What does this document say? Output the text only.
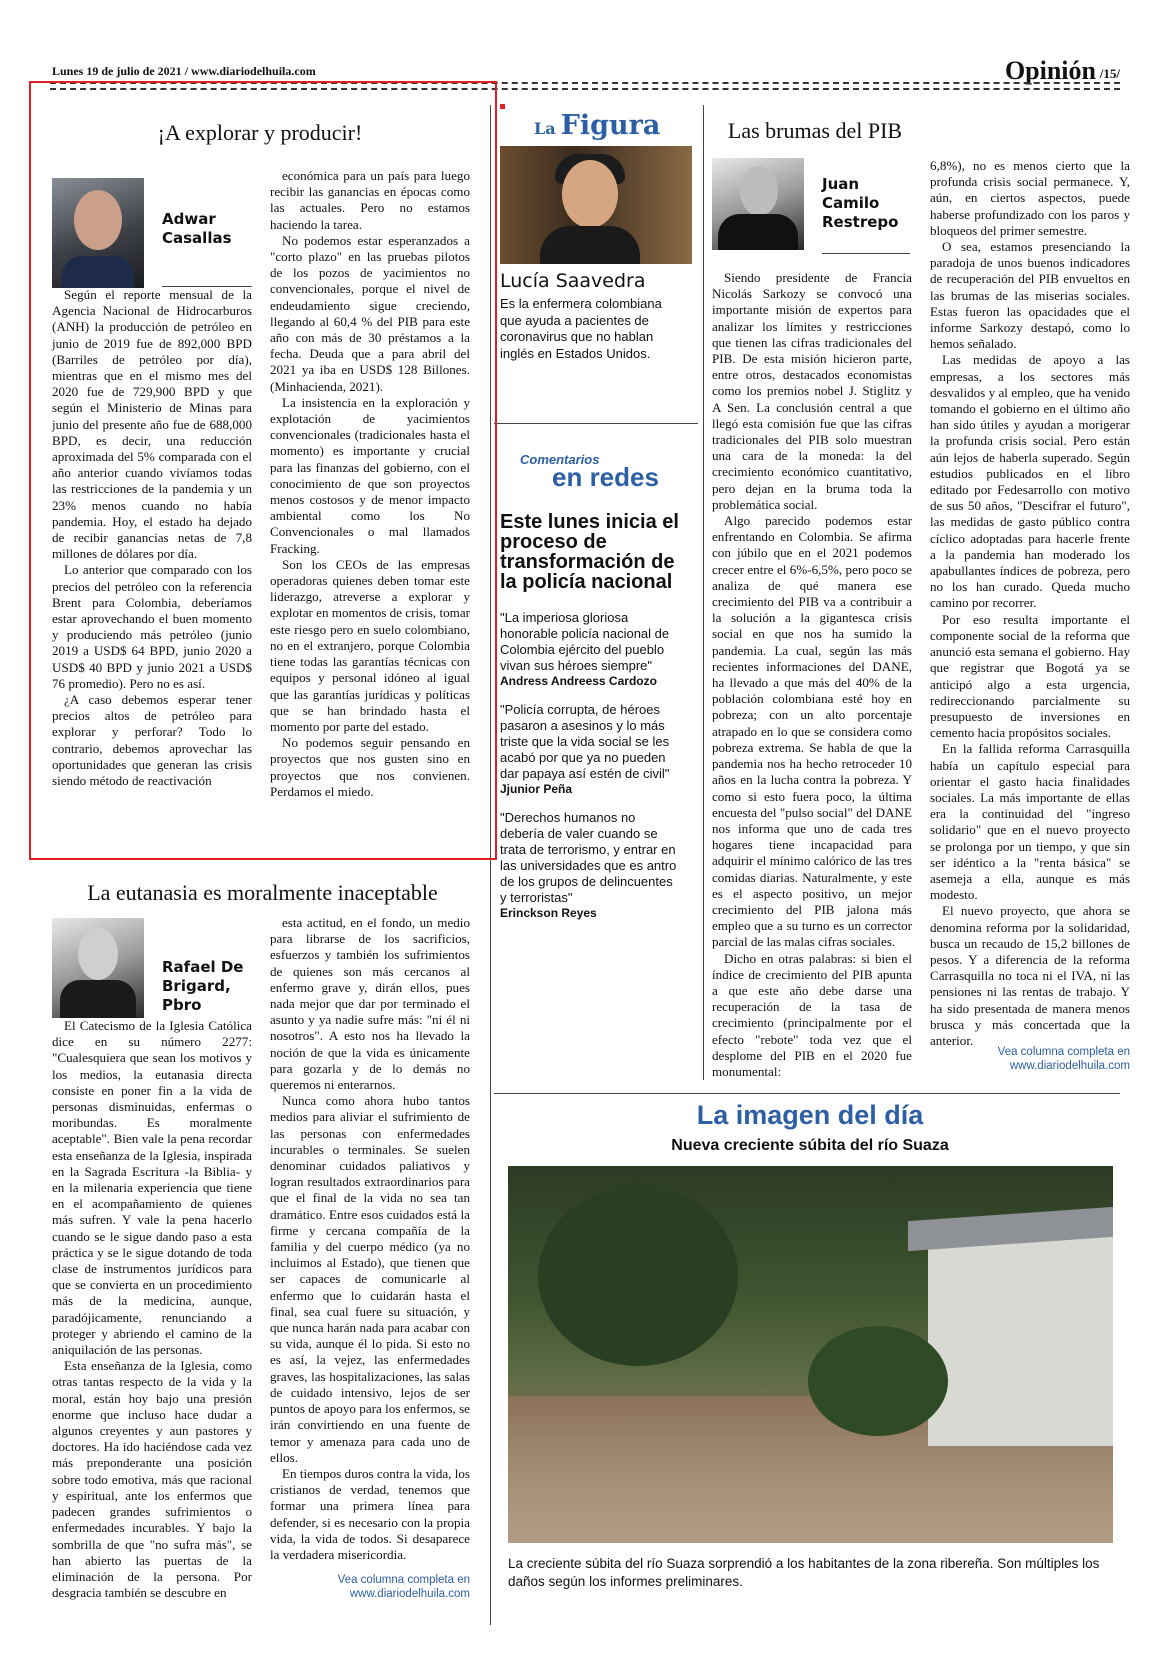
Lunes 19 de julio de 2021 / www.diariodelhuila.com	Opinión /15/
¡A explorar y producir!
Adwar Casallas

Según el reporte mensual de la Agencia Nacional de Hidrocarburos (ANH) la producción de petróleo en junio de 2019 fue de 892,000 BPD (Barriles de petróleo por día), mientras que en el mismo mes del 2020 fue de 729,900 BPD y que según el Ministerio de Minas para junio del presente año fue de 688,000 BPD, es decir, una reducción aproximada del 5% comparada con el año anterior cuando vivíamos todas las restricciones de la pandemia y un 23% menos cuando no había pandemia. Hoy, el estado ha dejado de recibir ganancias netas de 7,8 millones de dólares por día.

Lo anterior que comparado con los precios del petróleo con la referencia Brent para Colombia, deberíamos estar aprovechando el buen momento y produciendo más petróleo (junio 2019 a USD$ 64 BPD, junio 2020 a USD$ 40 BPD y junio 2021 a USD$ 76 promedio). Pero no es así.

¿A caso debemos esperar tener precios altos de petróleo para explorar y perforar? Todo lo contrario, debemos aprovechar las oportunidades que generan las crisis siendo método de reactivación

económica para un país para luego recibir las ganancias en épocas como las actuales. Pero no estamos haciendo la tarea.

No podemos estar esperanzados a "corto plazo" en las pruebas pilotos de los pozos de yacimientos no convencionales, porque el nivel de endeudamiento sigue creciendo, llegando al 60,4 % del PIB para este año con más de 30 préstamos a la fecha. Deuda que a para abril del 2021 ya iba en USD$ 128 Billones. (Minhacienda, 2021).

La insistencia en la exploración y explotación de yacimientos convencionales (tradicionales hasta el momento) es importante y crucial para las finanzas del gobierno, con el conocimiento de que son proyectos menos costosos y de menor impacto ambiental como los No Convencionales o mal llamados Fracking.

Son los CEOs de las empresas operadoras quienes deben tomar este liderazgo, atreverse a explorar y explotar en momentos de crisis, tomar este riesgo pero en suelo colombiano, no en el extranjero, porque Colombia tiene todas las garantías técnicas con equipos y personal idóneo al igual que las garantías jurídicas y políticas que se han brindado hasta el momento por parte del estado.

No podemos seguir pensando en proyectos que nos gusten sino en proyectos que nos convienen. Perdamos el miedo.

La eutanasia es moralmente inaceptable
Rafael De Brigard, Pbro

El Catecismo de la Iglesia Católica dice en su número 2277: "Cualesquiera que sean los motivos y los medios, la eutanasia directa consiste en poner fin a la vida de personas disminuidas, enfermas o moribundas. Es moralmente aceptable". Bien vale la pena recordar esta enseñanza de la Iglesia, inspirada en la Sagrada Escritura -la Biblia- y en la milenaria experiencia que tiene en el acompañamiento de quienes más sufren. Y vale la pena hacerlo cuando se le sigue dando paso a esta práctica y se le sigue dotando de toda clase de instrumentos jurídicos para que se convierta en un procedimiento más de la medicina, aunque, paradójicamente, renunciando a proteger y abriendo el camino de la aniquilación de las personas.

Esta enseñanza de la Iglesia, como otras tantas respecto de la vida y la moral, están hoy bajo una presión enorme que incluso hace dudar a algunos creyentes y aun pastores y doctores. Ha ido haciéndose cada vez más preponderante una posición sobre todo emotiva, más que racional y espiritual, ante los enfermos que padecen grandes sufrimientos o enfermedades incurables. Y bajo la sombrilla de que "no sufra más", se han abierto las puertas de la eliminación de la persona. Por desgracia también se descubre en

esta actitud, en el fondo, un medio para librarse de los sacrificios, esfuerzos y también los sufrimientos de quienes son más cercanos al enfermo grave y, dirán ellos, pues nada mejor que dar por terminado el asunto y ya nadie sufre más: "ni él ni nosotros". A esto nos ha llevado la noción de que la vida es únicamente para gozarla y de lo demás no queremos ni enterarnos.

Nunca como ahora hubo tantos medios para aliviar el sufrimiento de las personas con enfermedades incurables o terminales. Se suelen denominar cuidados paliativos y logran resultados extraordinarios para que el final de la vida no sea tan dramático. Entre esos cuidados está la firme y cercana compañía de la familia y del cuerpo médico (ya no incluimos al Estado), que tienen que ser capaces de comunicarle al enfermo que lo cuidarán hasta el final, sea cual fuere su situación, y que nunca harán nada para acabar con su vida, aunque él lo pida. Si esto no es así, la vejez, las enfermedades graves, las hospitalizaciones, las salas de cuidado intensivo, lejos de ser puntos de apoyo para los enfermos, se irán convirtiendo en una fuente de temor y amenaza para cada uno de ellos.

En tiempos duros contra la vida, los cristianos de verdad, tenemos que formar una primera línea para defender, si es necesario con la propia vida, la vida de todos. Si desaparece la verdadera misericordia.

Vea columna completa en
www.diariodelhuila.com
La Figura
Lucía Saavedra
Es la enfermera colombiana que ayuda a pacientes de coronavirus que no hablan inglés en Estados Unidos.
Comentarios
en redes
Este lunes inicia el proceso de transformación de la policía nacional
"La imperiosa gloriosa honorable policía nacional de Colombia ejército del pueblo vivan sus héroes siempre"
Andress Andreess Cardozo
"Policía corrupta, de héroes pasaron a asesinos y lo más triste que la vida social se les acabó por que ya no pueden dar papaya así estén de civil"
Jjunior Peña
"Derechos humanos no debería de valer cuando se trata de terrorismo, y entrar en las universidades que es antro de los grupos de delincuentes y terroristas"
Erinckson Reyes
Las brumas del PIB
Juan Camilo Restrepo

Siendo presidente de Francia Nicolás Sarkozy se convocó una importante misión de expertos para analizar los límites y restricciones que tienen las cifras tradicionales del PIB. De esta misión hicieron parte, entre otros, destacados economistas como los premios nobel J. Stiglitz y A Sen. La conclusión central a que llegó esta comisión fue que las cifras tradicionales del PIB solo muestran una cara de la moneda: la del crecimiento económico cuantitativo, pero dejan en la bruma toda la problemática social.

Algo parecido podemos estar enfrentando en Colombia. Se afirma con júbilo que en el 2021 podemos crecer entre el 6%-6,5%, pero poco se analiza de qué manera ese crecimiento del PIB va a contribuir a la solución a la gigantesca crisis social en que nos ha sumido la pandemia. La cual, según las más recientes informaciones del DANE, ha llevado a que más del 40% de la población colombiana esté hoy en pobreza; con un alto porcentaje atrapado en lo que se considera como pobreza extrema. Se habla de que la pandemia nos ha hecho retroceder 10 años en la lucha contra la pobreza. Y como si esto fuera poco, la última encuesta del "pulso social" del DANE nos informa que uno de cada tres hogares tiene incapacidad para adquirir el mínimo calórico de las tres comidas diarias. Naturalmente, y este es el aspecto positivo, un mejor crecimiento del PIB jalona más empleo que a su turno es un corrector parcial de las malas cifras sociales.

Dicho en otras palabras: si bien el índice de crecimiento del PIB apunta a que este año debe darse una recuperación de la tasa de crecimiento (principalmente por el efecto "rebote" toda vez que el desplome del PIB en el 2020 fue monumental:

6,8%), no es menos cierto que la profunda crisis social permanece. Y, aún, en ciertos aspectos, puede haberse profundizado con los paros y bloqueos del primer semestre.

O sea, estamos presenciando la paradoja de unos buenos indicadores de recuperación del PIB envueltos en las brumas de las miserias sociales. Estas fueron las opacidades que el informe Sarkozy destapó, como lo hemos señalado.

Las medidas de apoyo a las empresas, a los sectores más desvalidos y al empleo, que ha venido tomando el gobierno en el último año han sido útiles y ayudan a morigerar la profunda crisis social. Pero están aún lejos de haberla superado. Según estudios publicados en el libro editado por Fedesarrollo con motivo de sus 50 años, "Descifrar el futuro", las medidas de gasto público contra cíclico adoptadas para hacerle frente a la pandemia han moderado los apabullantes índices de pobreza, pero no los han curado. Queda mucho camino por recorrer.

Por eso resulta importante el componente social de la reforma que anunció esta semana el gobierno. Hay que registrar que Bogotá ya se anticipó algo a esta urgencia, redireccionando parcialmente su presupuesto de inversiones en cemento hacia propósitos sociales.

En la fallida reforma Carrasquilla había un capítulo especial para orientar el gasto hacia finalidades sociales. La más importante de ellas era la continuidad del "ingreso solidario" que en el nuevo proyecto se prolonga por un tiempo, y que sin ser idéntico a la "renta básica" se asemeja a ella, aunque es más modesto.

El nuevo proyecto, que ahora se denomina reforma por la solidaridad, busca un recaudo de 15,2 billones de pesos. Y a diferencia de la reforma Carrasquilla no toca ni el IVA, ni las pensiones ni las rentas de trabajo. Y ha sido presentada de manera menos brusca y más concertada que la anterior.

Vea columna completa en
www.diariodelhuila.com
La imagen del día
Nueva creciente súbita del río Suaza
La creciente súbita del río Suaza sorprendió a los habitantes de la zona ribereña. Son múltiples los daños según los informes preliminares.
